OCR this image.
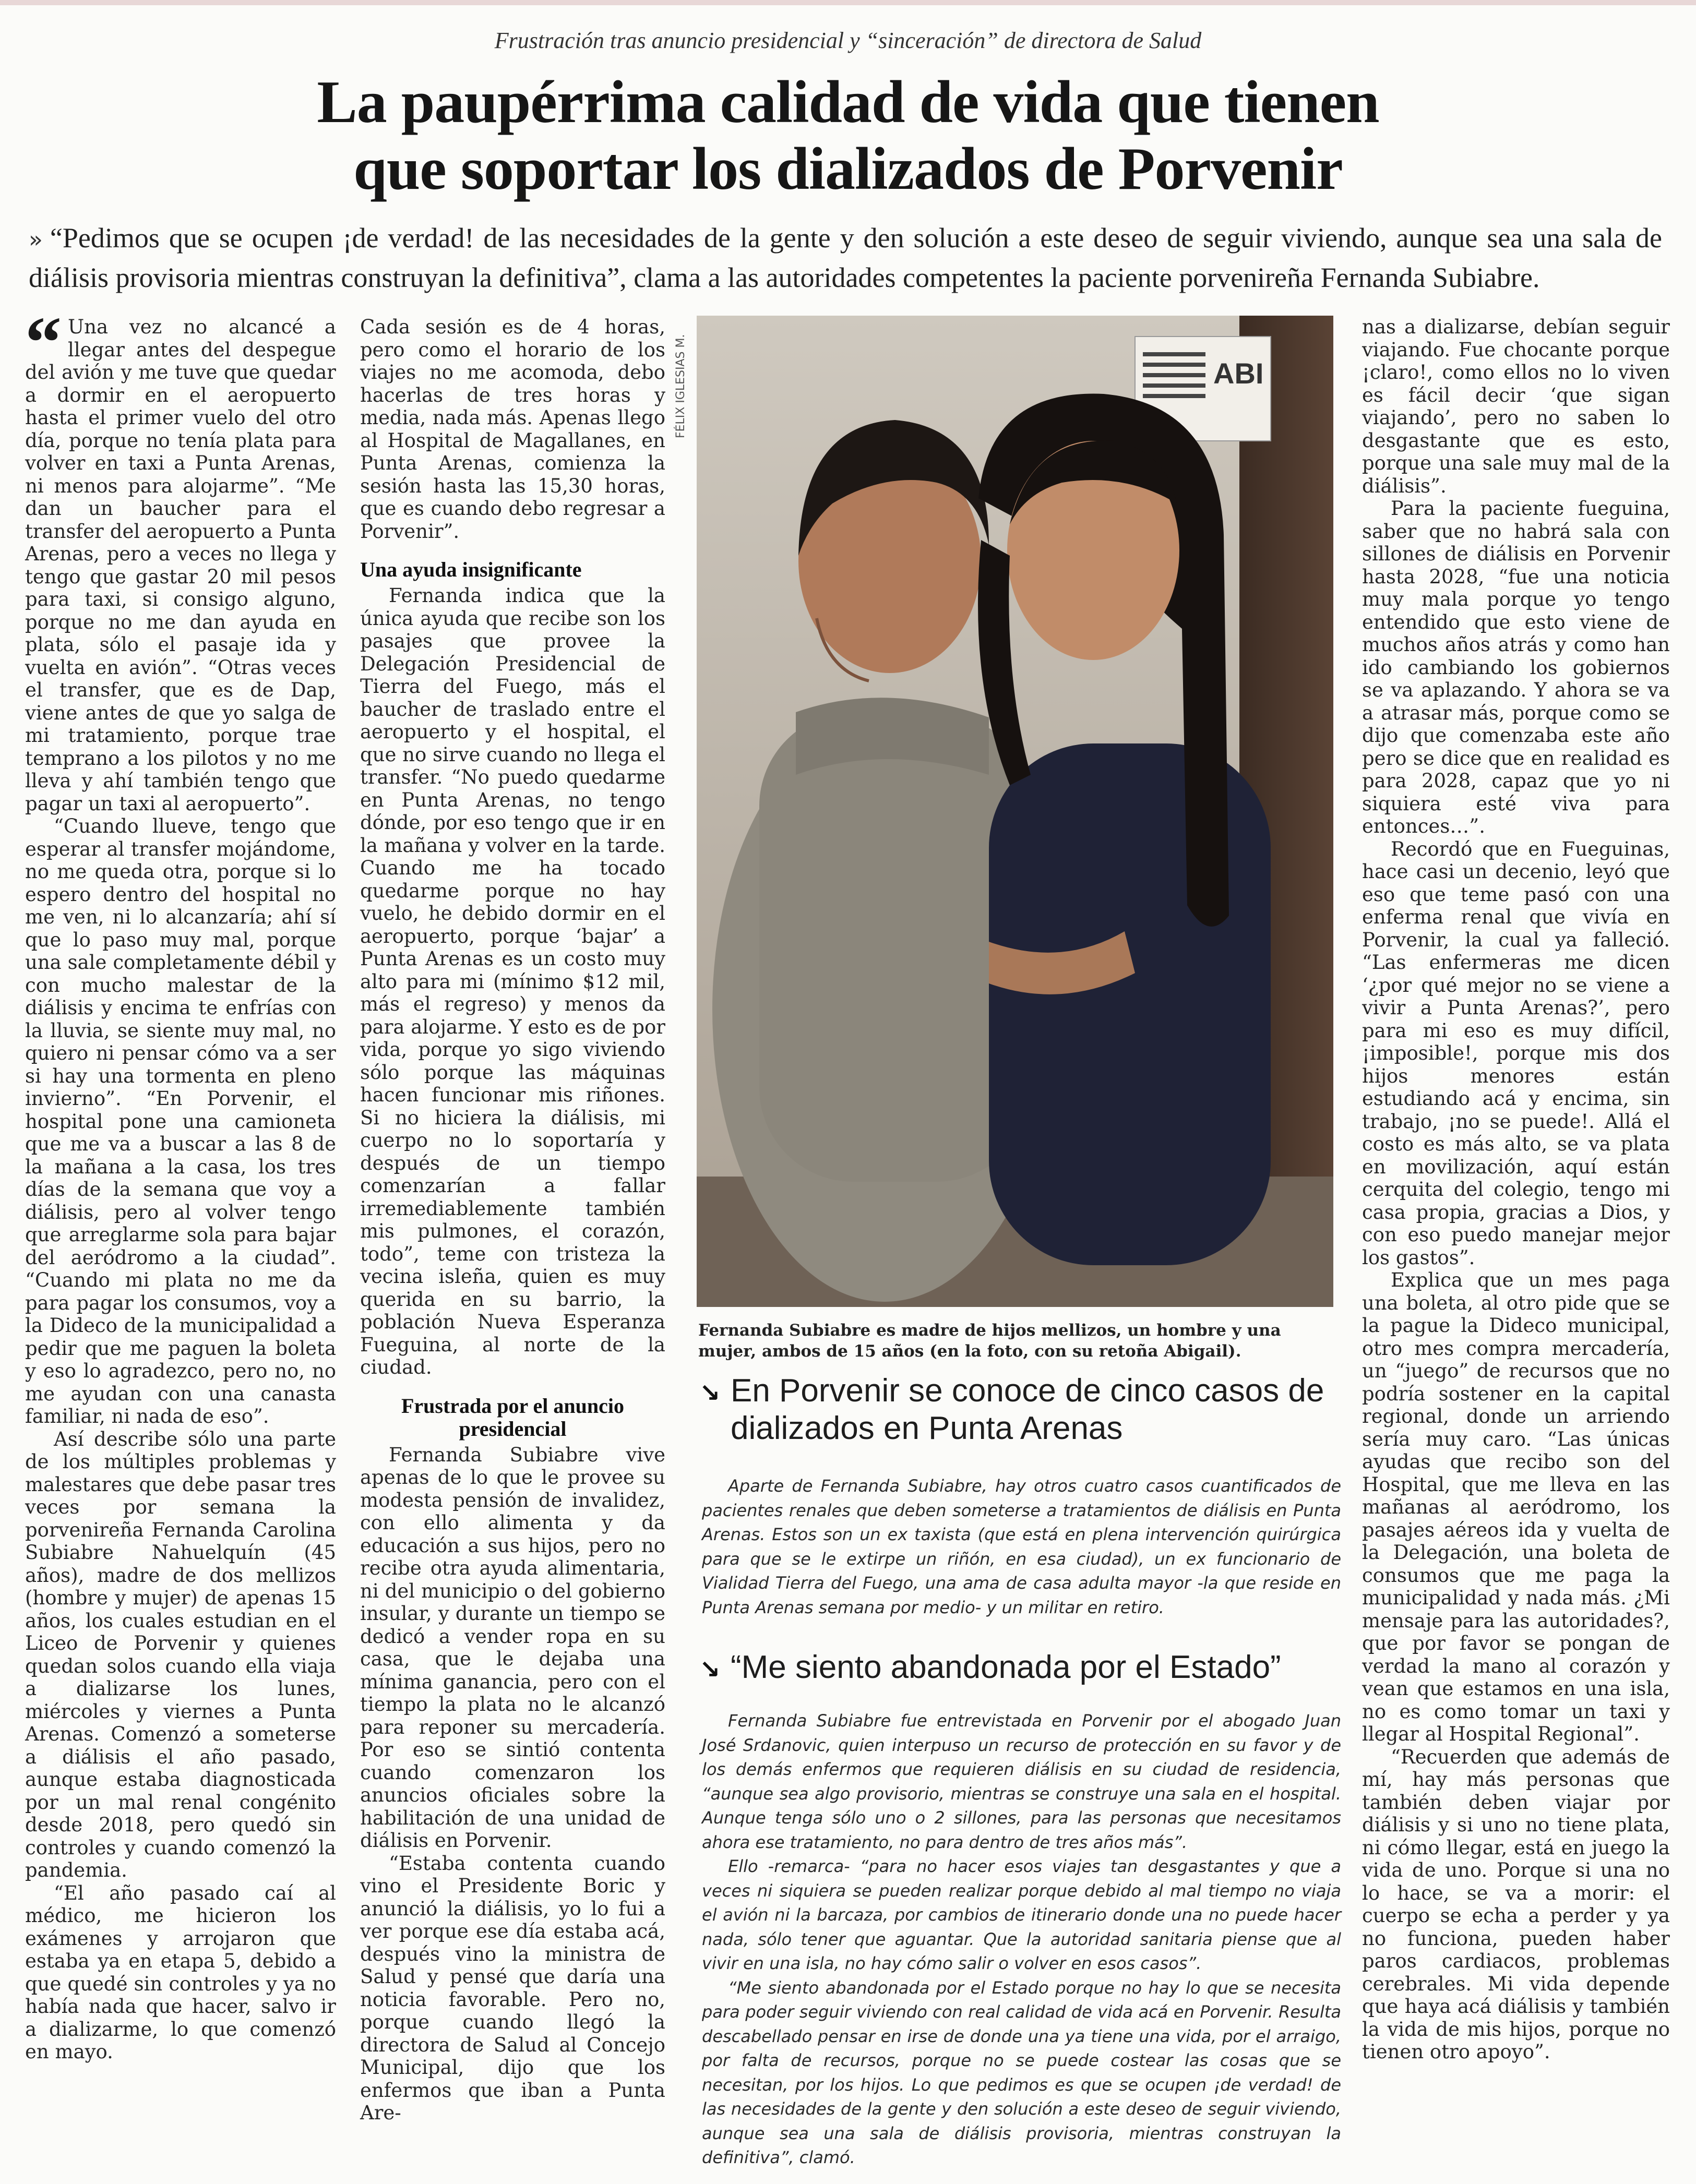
Frustración tras anuncio presidencial y “sinceración” de directora de Salud
La paupérrima calidad de vida que tienen
que soportar los dializados de Porvenir

» “Pedimos que se ocupen ¡de verdad! de las necesidades de la gente y den solución a este deseo de seguir viviendo, aunque sea una sala de diálisis provisoria mientras construyan la definitiva”, clama a las autoridades competentes la paciente porvenireña Fernanda Subiabre.

“ Una vez no alcancé a llegar antes del despegue del avión y me tuve que quedar a dormir en el aeropuerto hasta el primer vuelo del otro día, porque no tenía plata para volver en taxi a Punta Arenas, ni menos para alojarme”. “Me dan un baucher para el transfer del aeropuerto a Punta Arenas, pero a veces no llega y tengo que gastar 20 mil pesos para taxi, si consigo alguno, porque no me dan ayuda en plata, sólo el pasaje ida y vuelta en avión”. “Otras veces el transfer, que es de Dap, viene antes de que yo salga de mi tratamiento, porque trae temprano a los pilotos y no me lleva y ahí también tengo que pagar un taxi al aeropuerto”.

“Cuando llueve, tengo que esperar al transfer mojándome, no me queda otra, porque si lo espero dentro del hospital no me ven, ni lo alcanzaría; ahí sí que lo paso muy mal, porque una sale completamente débil y con mucho malestar de la diálisis y encima te enfrías con la lluvia, se siente muy mal, no quiero ni pensar cómo va a ser si hay una tormenta en pleno invierno”. “En Porvenir, el hospital pone una camioneta que me va a buscar a las 8 de la mañana a la casa, los tres días de la semana que voy a diálisis, pero al volver tengo que arreglarme sola para bajar del aeródromo a la ciudad”. “Cuando mi plata no me da para pagar los consumos, voy a la Dideco de la municipalidad a pedir que me paguen la boleta y eso lo agradezco, pero no, no me ayudan con una canasta familiar, ni nada de eso”.

Así describe sólo una parte de los múltiples problemas y malestares que debe pasar tres veces por semana la porvenireña Fernanda Carolina Subiabre Nahuelquín (45 años), madre de dos mellizos (hombre y mujer) de apenas 15 años, los cuales estudian en el Liceo de Porvenir y quienes quedan solos cuando ella viaja a dializarse los lunes, miércoles y viernes a Punta Arenas. Comenzó a someterse a diálisis el año pasado, aunque estaba diagnosticada por un mal renal congénito desde 2018, pero quedó sin controles y cuando comenzó la pandemia.

“El año pasado caí al médico, me hicieron los exámenes y arrojaron que estaba ya en etapa 5, debido a que quedé sin controles y ya no había nada que hacer, salvo ir a dializarme, lo que comenzó en mayo.

Cada sesión es de 4 horas, pero como el horario de los viajes no me acomoda, debo hacerlas de tres horas y media, nada más. Apenas llego al Hospital de Magallanes, en Punta Arenas, comienza la sesión hasta las 15,30 horas, que es cuando debo regresar a Porvenir”.

Una ayuda insignificante

Fernanda indica que la única ayuda que recibe son los pasajes que provee la Delegación Presidencial de Tierra del Fuego, más el baucher de traslado entre el aeropuerto y el hospital, el que no sirve cuando no llega el transfer. “No puedo quedarme en Punta Arenas, no tengo dónde, por eso tengo que ir en la mañana y volver en la tarde. Cuando me ha tocado quedarme porque no hay vuelo, he debido dormir en el aeropuerto, porque ‘bajar’ a Punta Arenas es un costo muy alto para mi (mínimo $12 mil, más el regreso) y menos da para alojarme. Y esto es de por vida, porque yo sigo viviendo sólo porque las máquinas hacen funcionar mis riñones. Si no hiciera la diálisis, mi cuerpo no lo soportaría y después de un tiempo comenzarían a fallar irremediablemente también mis pulmones, el corazón, todo”, teme con tristeza la vecina isleña, quien es muy querida en su barrio, la población Nueva Esperanza Fueguina, al norte de la ciudad.

Frustrada por el anuncio presidencial

Fernanda Subiabre vive apenas de lo que le provee su modesta pensión de invalidez, con ello alimenta y da educación a sus hijos, pero no recibe otra ayuda alimentaria, ni del municipio o del gobierno insular, y durante un tiempo se dedicó a vender ropa en su casa, que le dejaba una mínima ganancia, pero con el tiempo la plata no le alcanzó para reponer su mercadería. Por eso se sintió contenta cuando comenzaron los anuncios oficiales sobre la habilitación de una unidad de diálisis en Porvenir.

“Estaba contenta cuando vino el Presidente Boric y anunció la diálisis, yo lo fui a ver porque ese día estaba acá, después vino la ministra de Salud y pensé que daría una noticia favorable. Pero no, porque cuando llegó la directora de Salud al Concejo Municipal, dijo que los enfermos que iban a Punta Are-

FÉLIX IGLESIAS M.	ABI
Fernanda Subiabre es madre de hijos mellizos, un hombre y una mujer, ambos de 15 años (en la foto, con su retoña Abigail).
↘ En Porvenir se conoce de cinco casos de dializados en Punta Arenas

Aparte de Fernanda Subiabre, hay otros cuatro casos cuantificados de pacientes renales que deben someterse a tratamientos de diálisis en Punta Arenas. Estos son un ex taxista (que está en plena intervención quirúrgica para que se le extirpe un riñón, en esa ciudad), un ex funcionario de Vialidad Tierra del Fuego, una ama de casa adulta mayor -la que reside en Punta Arenas semana por medio- y un militar en retiro.

↘ “Me siento abandonada por el Estado”

Fernanda Subiabre fue entrevistada en Porvenir por el abogado Juan José Srdanovic, quien interpuso un recurso de protección en su favor y de los demás enfermos que requieren diálisis en su ciudad de residencia, “aunque sea algo provisorio, mientras se construye una sala en el hospital. Aunque tenga sólo uno o 2 sillones, para las personas que necesitamos ahora ese tratamiento, no para dentro de tres años más”.

Ello -remarca- “para no hacer esos viajes tan desgastantes y que a veces ni siquiera se pueden realizar porque debido al mal tiempo no viaja el avión ni la barcaza, por cambios de itinerario donde una no puede hacer nada, sólo tener que aguantar. Que la autoridad sanitaria piense que al vivir en una isla, no hay cómo salir o volver en esos casos”.

“Me siento abandonada por el Estado porque no hay lo que se necesita para poder seguir viviendo con real calidad de vida acá en Porvenir. Resulta descabellado pensar en irse de donde una ya tiene una vida, por el arraigo, por falta de recursos, porque no se puede costear las cosas que se necesitan, por los hijos. Lo que pedimos es que se ocupen ¡de verdad! de las necesidades de la gente y den solución a este deseo de seguir viviendo, aunque sea una sala de diálisis provisoria, mientras construyan la definitiva”, clamó.

nas a dializarse, debían seguir viajando. Fue chocante porque ¡claro!, como ellos no lo viven es fácil decir ‘que sigan viajando’, pero no saben lo desgastante que es esto, porque una sale muy mal de la diálisis”.

Para la paciente fueguina, saber que no habrá sala con sillones de diálisis en Porvenir hasta 2028, “fue una noticia muy mala porque yo tengo entendido que esto viene de muchos años atrás y como han ido cambiando los gobiernos se va aplazando. Y ahora se va a atrasar más, porque como se dijo que comenzaba este año pero se dice que en realidad es para 2028, capaz que yo ni siquiera esté viva para entonces…”.

Recordó que en Fueguinas, hace casi un decenio, leyó que eso que teme pasó con una enferma renal que vivía en Porvenir, la cual ya falleció. “Las enfermeras me dicen ‘¿por qué mejor no se viene a vivir a Punta Arenas?’, pero para mi eso es muy difícil, ¡imposible!, porque mis dos hijos menores están estudiando acá y encima, sin trabajo, ¡no se puede!. Allá el costo es más alto, se va plata en movilización, aquí están cerquita del colegio, tengo mi casa propia, gracias a Dios, y con eso puedo manejar mejor los gastos”.

Explica que un mes paga una boleta, al otro pide que se la pague la Dideco municipal, otro mes compra mercadería, un “juego” de recursos que no podría sostener en la capital regional, donde un arriendo sería muy caro. “Las únicas ayudas que recibo son del Hospital, que me lleva en las mañanas al aeródromo, los pasajes aéreos ida y vuelta de la Delegación, una boleta de consumos que me paga la municipalidad y nada más. ¿Mi mensaje para las autoridades?, que por favor se pongan de verdad la mano al corazón y vean que estamos en una isla, no es como tomar un taxi y llegar al Hospital Regional”.

“Recuerden que además de mí, hay más personas que también deben viajar por diálisis y si uno no tiene plata, ni cómo llegar, está en juego la vida de uno. Porque si una no lo hace, se va a morir: el cuerpo se echa a perder y ya no funciona, pueden haber paros cardiacos, problemas cerebrales. Mi vida depende que haya acá diálisis y también la vida de mis hijos, porque no tienen otro apoyo”.
